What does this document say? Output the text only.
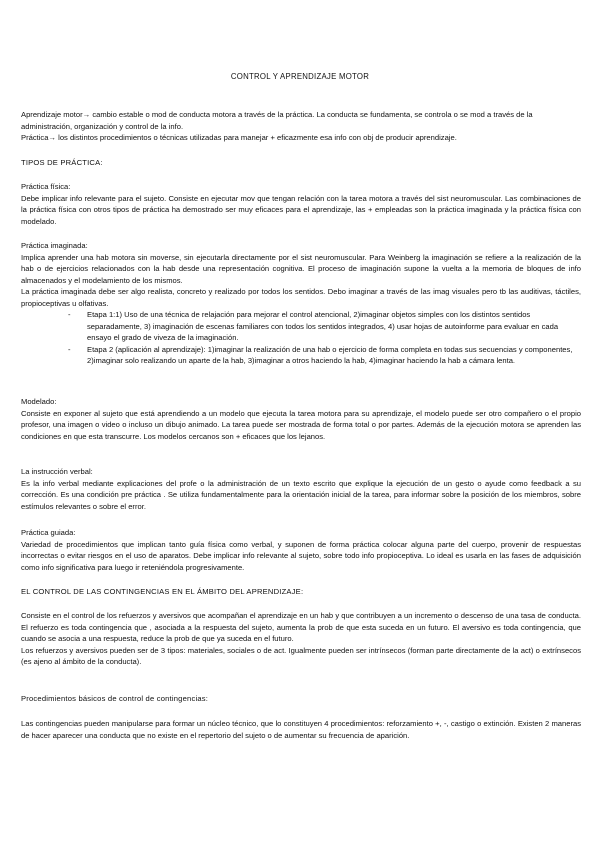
CONTROL Y APRENDIZAJE MOTOR

Aprendizaje motor→ cambio estable o mod de conducta motora a través de la práctica. La conducta se fundamenta, se controla o se mod a través de la administración, organización y control de la info.

Práctica→ los distintos procedimientos o técnicas utilizadas para manejar + eficazmente esa info con obj de producir aprendizaje.

TIPOS DE PRÁCTICA:

Práctica física:

Debe implicar info relevante para el sujeto. Consiste en ejecutar mov que tengan relación con la tarea motora a través del sist neuromuscular. Las combinaciones de la práctica física con otros tipos de práctica ha demostrado ser muy eficaces para el aprendizaje, las + empleadas son la práctica imaginada y la práctica física con modelado.

Práctica imaginada:

Implica aprender una hab motora sin moverse, sin ejecutarla directamente por el sist neuromuscular. Para Weinberg la imaginación se refiere a la realización de la hab o de ejercicios relacionados con la hab desde una representación cognitiva. El proceso de imaginación supone la vuelta a la memoria de bloques de info almacenados y el modelamiento de los mismos.

La práctica imaginada debe ser algo realista, concreto y realizado por todos los sentidos. Debo imaginar a través de las imag visuales pero tb las auditivas, táctiles, propioceptivas u olfativas.

- Etapa 1:1) Uso de una técnica de relajación para mejorar el control atencional, 2)imaginar objetos simples con los distintos sentidos separadamente, 3) imaginación de escenas familiares con todos los sentidos integrados, 4) usar hojas de autoinforme para evaluar en cada ensayo el grado de viveza de la imaginación.
- Etapa 2 (aplicación al aprendizaje): 1)imaginar la realización de una hab o ejercicio de forma completa en todas sus secuencias y componentes, 2)imaginar solo realizando un aparte de la hab, 3)imaginar a otros haciendo la hab, 4)imaginar haciendo la hab a cámara lenta.

Modelado:

Consiste en exponer al sujeto que está aprendiendo a un modelo que ejecuta la tarea motora para su aprendizaje, el modelo puede ser otro compañero o el propio profesor, una imagen o video o incluso un dibujo animado. La tarea puede ser mostrada de forma total o por partes. Además de la ejecución motora se aprenden las condiciones en que esta transcurre. Los modelos cercanos son + eficaces que los lejanos.

La instrucción verbal:

Es la info verbal mediante explicaciones del profe o la administración de un texto escrito que explique la ejecución de un gesto o ayude como feedback a su corrección. Es una condición pre práctica . Se utiliza fundamentalmente para la orientación inicial de la tarea, para informar sobre la posición de los miembros, sobre estímulos relevantes o sobre el error.

Práctica guiada:

Variedad de procedimientos que implican tanto guía física como verbal, y suponen de forma práctica colocar alguna parte del cuerpo, provenir de respuestas incorrectas o evitar riesgos en el uso de aparatos. Debe implicar info relevante al sujeto, sobre todo info propioceptiva. Lo ideal es usarla en las fases de adquisición como info significativa para luego ir reteniéndola progresivamente.

EL CONTROL DE LAS CONTINGENCIAS EN EL ÁMBITO DEL APRENDIZAJE:

Consiste en el control de los refuerzos y aversivos que acompañan el aprendizaje en un hab y que contribuyen a un incremento o descenso de una tasa de conducta. El refuerzo es toda contingencia que , asociada a la respuesta del sujeto, aumenta la prob de que esta suceda en un futuro. El aversivo es toda contingencia, que cuando se asocia a una respuesta, reduce la prob de que ya suceda en el futuro.

Los refuerzos y aversivos pueden ser de 3 tipos: materiales, sociales o de act. Igualmente pueden ser intrínsecos (forman parte directamente de la act) o extrínsecos (es ajeno al ámbito de la conducta).

Procedimientos básicos de control de contingencias:

Las contingencias pueden manipularse para formar un núcleo técnico, que lo constituyen 4 procedimientos: reforzamiento +, -, castigo o extinción. Existen 2 maneras de hacer aparecer una conducta que no existe en el repertorio del sujeto o de aumentar su frecuencia de aparición.
